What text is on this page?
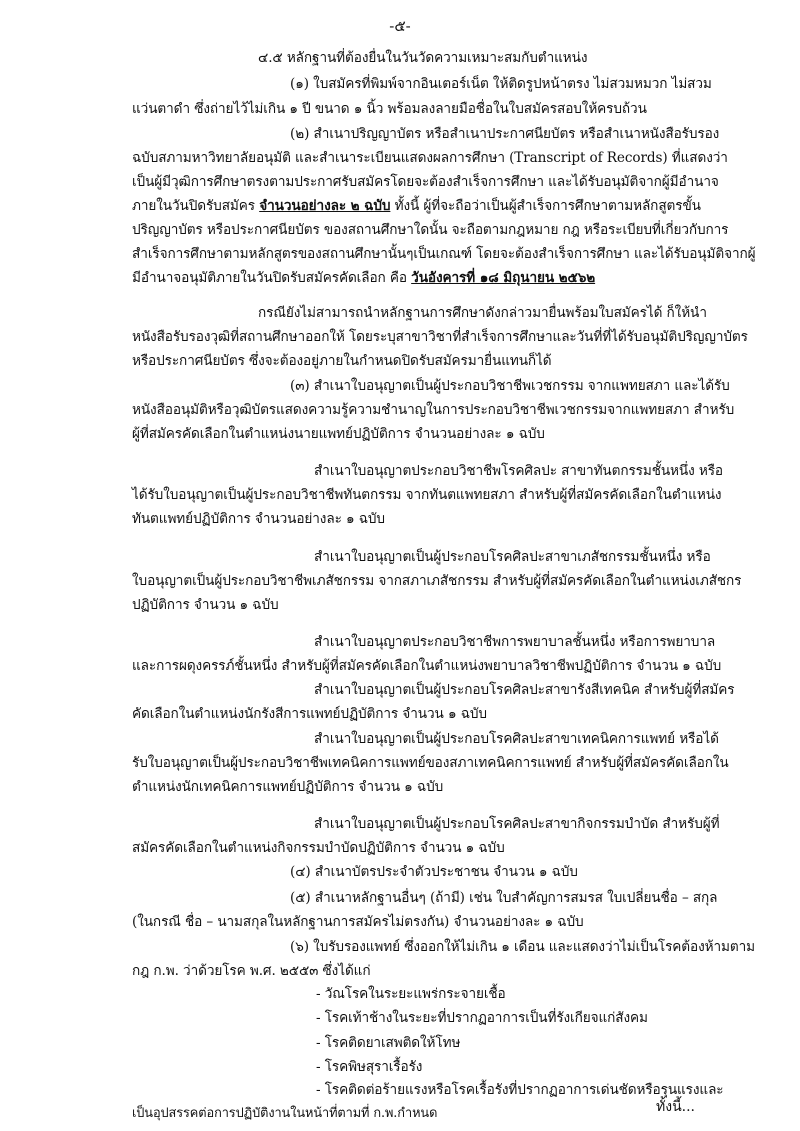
-๕-
๔.๕ หลักฐานที่ต้องยื่นในวันวัดความเหมาะสมกับตำแหน่ง
(๑) ใบสมัครที่พิมพ์จากอินเตอร์เน็ต ให้ติดรูปหน้าตรง ไม่สวมหมวก ไม่สวม
แว่นตาดำ ซึ่งถ่ายไว้ไม่เกิน ๑ ปี ขนาด ๑ นิ้ว พร้อมลงลายมือชื่อในใบสมัครสอบให้ครบถ้วน
(๒) สำเนาปริญญาบัตร หรือสำเนาประกาศนียบัตร หรือสำเนาหนังสือรับรอง
ฉบับสภามหาวิทยาลัยอนุมัติ และสำเนาระเบียนแสดงผลการศึกษา (Transcript of Records) ที่แสดงว่า
เป็นผู้มีวุฒิการศึกษาตรงตามประกาศรับสมัครโดยจะต้องสำเร็จการศึกษา และได้รับอนุมัติจากผู้มีอำนาจ
ภายในวันปิดรับสมัคร จำนวนอย่างละ ๒ ฉบับ ทั้งนี้ ผู้ที่จะถือว่าเป็นผู้สำเร็จการศึกษาตามหลักสูตรขั้น
ปริญญาบัตร หรือประกาศนียบัตร ของสถานศึกษาใดนั้น จะถือตามกฎหมาย กฎ หรือระเบียบที่เกี่ยวกับการ
สำเร็จการศึกษาตามหลักสูตรของสถานศึกษานั้นๆเป็นเกณฑ์ โดยจะต้องสำเร็จการศึกษา และได้รับอนุมัติจากผู้
มีอำนาจอนุมัติภายในวันปิดรับสมัครคัดเลือก คือ วันอังคารที่ ๑๘ มิถุนายน ๒๕๖๒
กรณียังไม่สามารถนำหลักฐานการศึกษาดังกล่าวมายื่นพร้อมใบสมัครได้ ก็ให้นำ
หนังสือรับรองวุฒิที่สถานศึกษาออกให้ โดยระบุสาขาวิชาที่สำเร็จการศึกษาและวันที่ที่ได้รับอนุมัติปริญญาบัตร
หรือประกาศนียบัตร ซึ่งจะต้องอยู่ภายในกำหนดปิดรับสมัครมายื่นแทนก็ได้
(๓) สำเนาใบอนุญาตเป็นผู้ประกอบวิชาชีพเวชกรรม จากแพทยสภา และได้รับ
หนังสืออนุมัติหรือวุฒิบัตรแสดงความรู้ความชำนาญในการประกอบวิชาชีพเวชกรรมจากแพทยสภา สำหรับ
ผู้ที่สมัครคัดเลือกในตำแหน่งนายแพทย์ปฏิบัติการ จำนวนอย่างละ ๑ ฉบับ
สำเนาใบอนุญาตประกอบวิชาชีพโรคศิลปะ สาขาทันตกรรมชั้นหนึ่ง หรือ
ได้รับใบอนุญาตเป็นผู้ประกอบวิชาชีพทันตกรรม จากทันตแพทยสภา สำหรับผู้ที่สมัครคัดเลือกในตำแหน่ง
ทันตแพทย์ปฏิบัติการ จำนวนอย่างละ ๑ ฉบับ
สำเนาใบอนุญาตเป็นผู้ประกอบโรคศิลปะสาขาเภสัชกรรมชั้นหนึ่ง หรือ
ใบอนุญาตเป็นผู้ประกอบวิชาชีพเภสัชกรรม จากสภาเภสัชกรรม สำหรับผู้ที่สมัครคัดเลือกในตำแหน่งเภสัชกร
ปฏิบัติการ จำนวน ๑ ฉบับ
สำเนาใบอนุญาตประกอบวิชาชีพการพยาบาลชั้นหนึ่ง หรือการพยาบาล
และการผดุงครรภ์ชั้นหนึ่ง สำหรับผู้ที่สมัครคัดเลือกในตำแหน่งพยาบาลวิชาชีพปฏิบัติการ จำนวน ๑ ฉบับ
สำเนาใบอนุญาตเป็นผู้ประกอบโรคศิลปะสาขารังสีเทคนิค สำหรับผู้ที่สมัคร
คัดเลือกในตำแหน่งนักรังสีการแพทย์ปฏิบัติการ จำนวน ๑ ฉบับ
สำเนาใบอนุญาตเป็นผู้ประกอบโรคศิลปะสาขาเทคนิคการแพทย์ หรือได้
รับใบอนุญาตเป็นผู้ประกอบวิชาชีพเทคนิคการแพทย์ของสภาเทคนิคการแพทย์ สำหรับผู้ที่สมัครคัดเลือกใน
ตำแหน่งนักเทคนิคการแพทย์ปฏิบัติการ จำนวน ๑ ฉบับ
สำเนาใบอนุญาตเป็นผู้ประกอบโรคศิลปะสาขากิจกรรมบำบัด สำหรับผู้ที่
สมัครคัดเลือกในตำแหน่งกิจกรรมบำบัดปฏิบัติการ จำนวน ๑ ฉบับ
(๔) สำเนาบัตรประจำตัวประชาชน จำนวน ๑ ฉบับ
(๕) สำเนาหลักฐานอื่นๆ (ถ้ามี) เช่น ใบสำคัญการสมรส ใบเปลี่ยนชื่อ – สกุล
(ในกรณี ชื่อ – นามสกุลในหลักฐานการสมัครไม่ตรงกัน) จำนวนอย่างละ ๑ ฉบับ
(๖) ใบรับรองแพทย์ ซึ่งออกให้ไม่เกิน ๑ เดือน และแสดงว่าไม่เป็นโรคต้องห้ามตาม
กฎ ก.พ. ว่าด้วยโรค พ.ศ. ๒๕๕๓ ซึ่งได้แก่
- วัณโรคในระยะแพร่กระจายเชื้อ
- โรคเท้าช้างในระยะที่ปรากฏอาการเป็นที่รังเกียจแก่สังคม
- โรคติดยาเสพติดให้โทษ
- โรคพิษสุราเรื้อรัง
- โรคติดต่อร้ายแรงหรือโรคเรื้อรังที่ปรากฏอาการเด่นชัดหรือรุนแรงและ
เป็นอุปสรรคต่อการปฏิบัติงานในหน้าที่ตามที่ ก.พ.กำหนด	ทั้งนี้...
